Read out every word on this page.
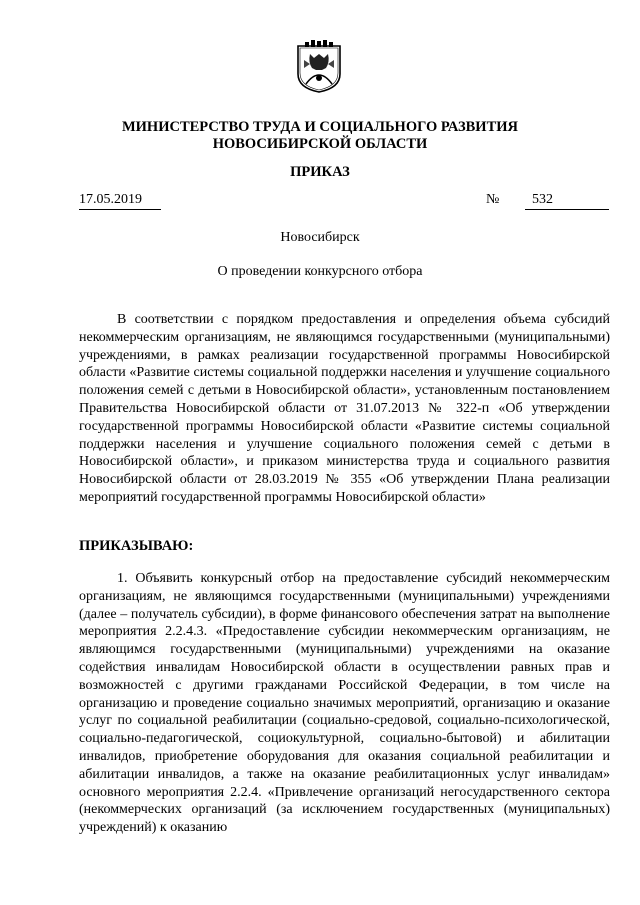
МИНИСТЕРСТВО ТРУДА И СОЦИАЛЬНОГО РАЗВИТИЯ
НОВОСИБИРСКОЙ ОБЛАСТИ
ПРИКАЗ
17.05.2019	№	532
Новосибирск
О проведении конкурсного отбора

В соответствии с порядком предоставления и определения объема субсидий некоммерческим организациям, не являющимся государственными (муниципальными) учреждениями, в рамках реализации государственной программы Новосибирской области «Развитие системы социальной поддержки населения и улучшение социального положения семей с детьми в Новосибирской области», установленным постановлением Правительства Новосибирской области от 31.07.2013 № 322-п «Об утверждении государственной программы Новосибирской области «Развитие системы социальной поддержки населения и улучшение социального положения семей с детьми в Новосибирской области», и приказом министерства труда и социального развития Новосибирской области от 28.03.2019 № 355 «Об утверждении Плана реализации мероприятий государственной программы Новосибирской области»

ПРИКАЗЫВАЮ:

1. Объявить конкурсный отбор на предоставление субсидий некоммерческим организациям, не являющимся государственными (муниципальными) учреждениями (далее – получатель субсидии), в форме финансового обеспечения затрат на выполнение мероприятия 2.2.4.3. «Предоставление субсидии некоммерческим организациям, не являющимся государственными (муниципальными) учреждениями на оказание содействия инвалидам Новосибирской области в осуществлении равных прав и возможностей с другими гражданами Российской Федерации, в том числе на организацию и проведение социально значимых мероприятий, организацию и оказание услуг по социальной реабилитации (социально-средовой, социально-психологической, социально-педагогической, социокультурной, социально-бытовой) и абилитации инвалидов, приобретение оборудования для оказания социальной реабилитации и абилитации инвалидов, а также на оказание реабилитационных услуг инвалидам» основного мероприятия 2.2.4. «Привлечение организаций негосударственного сектора (некоммерческих организаций (за исключением государственных (муниципальных) учреждений) к оказанию
